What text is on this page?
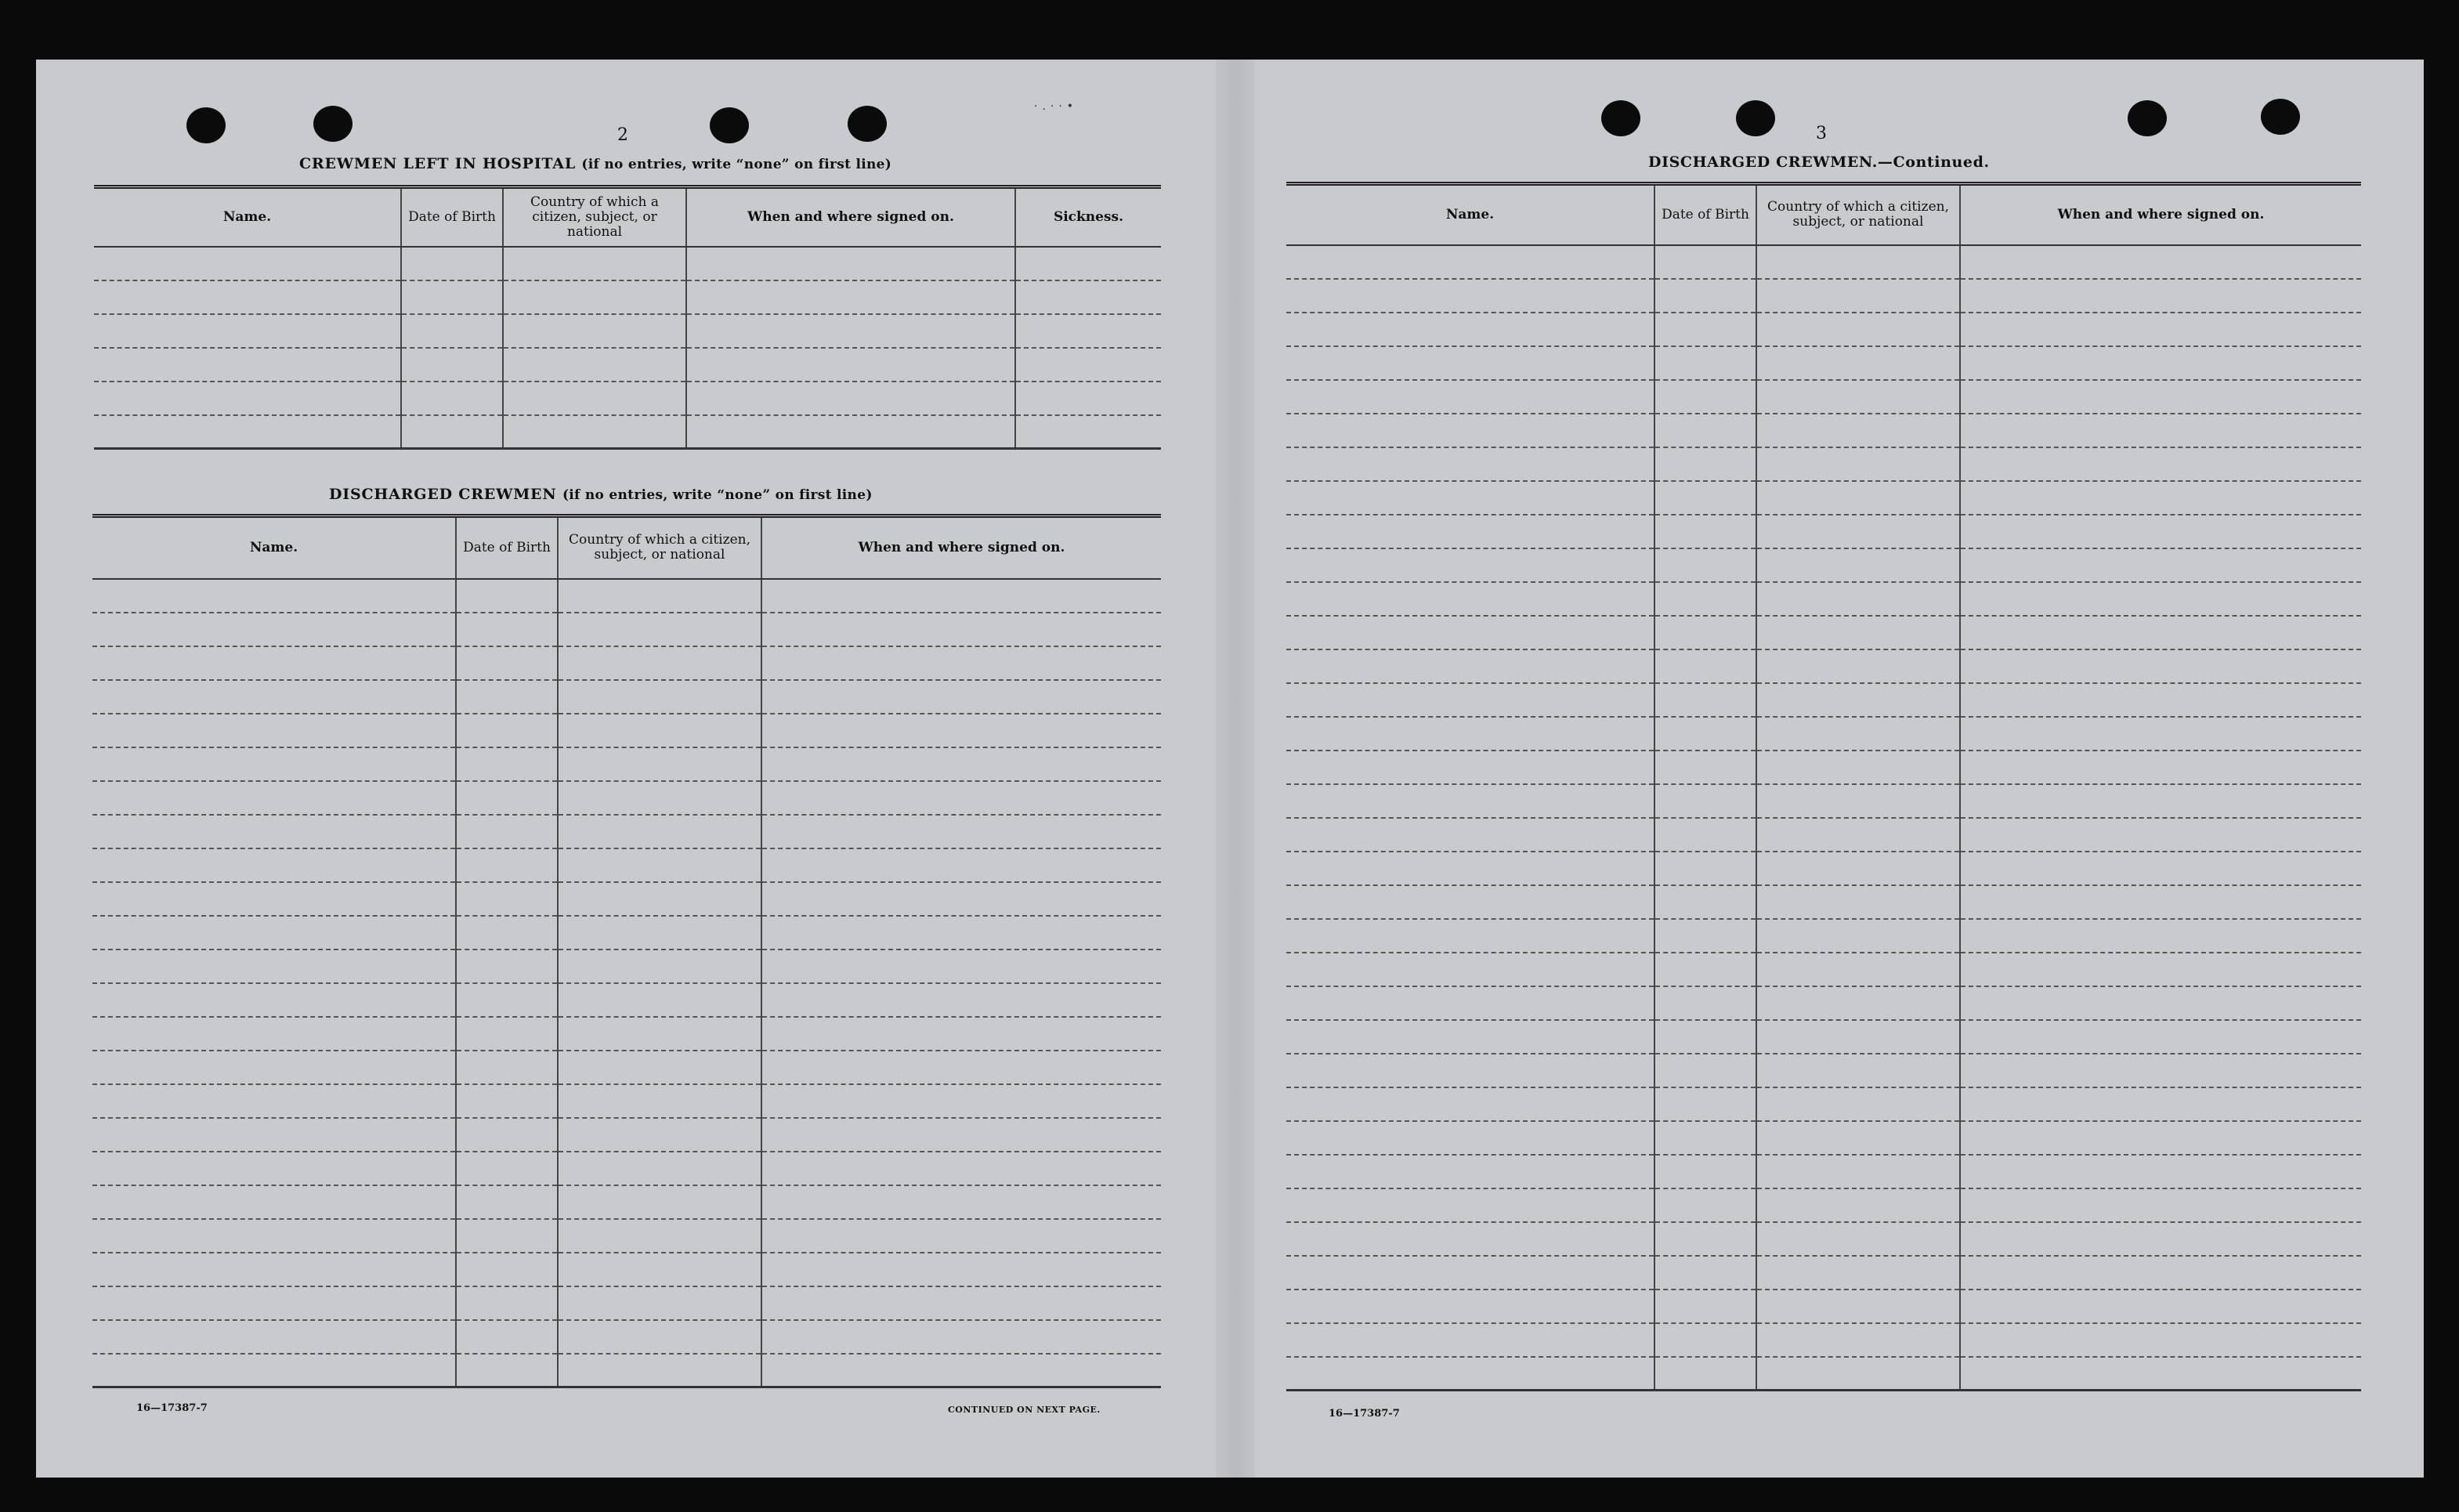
·.··•
2
CREWMEN LEFT IN HOSPITAL (if no entries, write “none” on first line)
Name.	Date of Birth	Country of which a citizen, subject, or national	When and where signed on.	Sickness.

DISCHARGED CREWMEN (if no entries, write “none” on first line)
Name.	Date of Birth	Country of which a citizen, subject, or national	When and where signed on.

16—17387-7	CONTINUED ON NEXT PAGE.
3
DISCHARGED CREWMEN.—Continued.
Name.	Date of Birth	Country of which a citizen, subject, or national	When and where signed on.

16—17387-7
